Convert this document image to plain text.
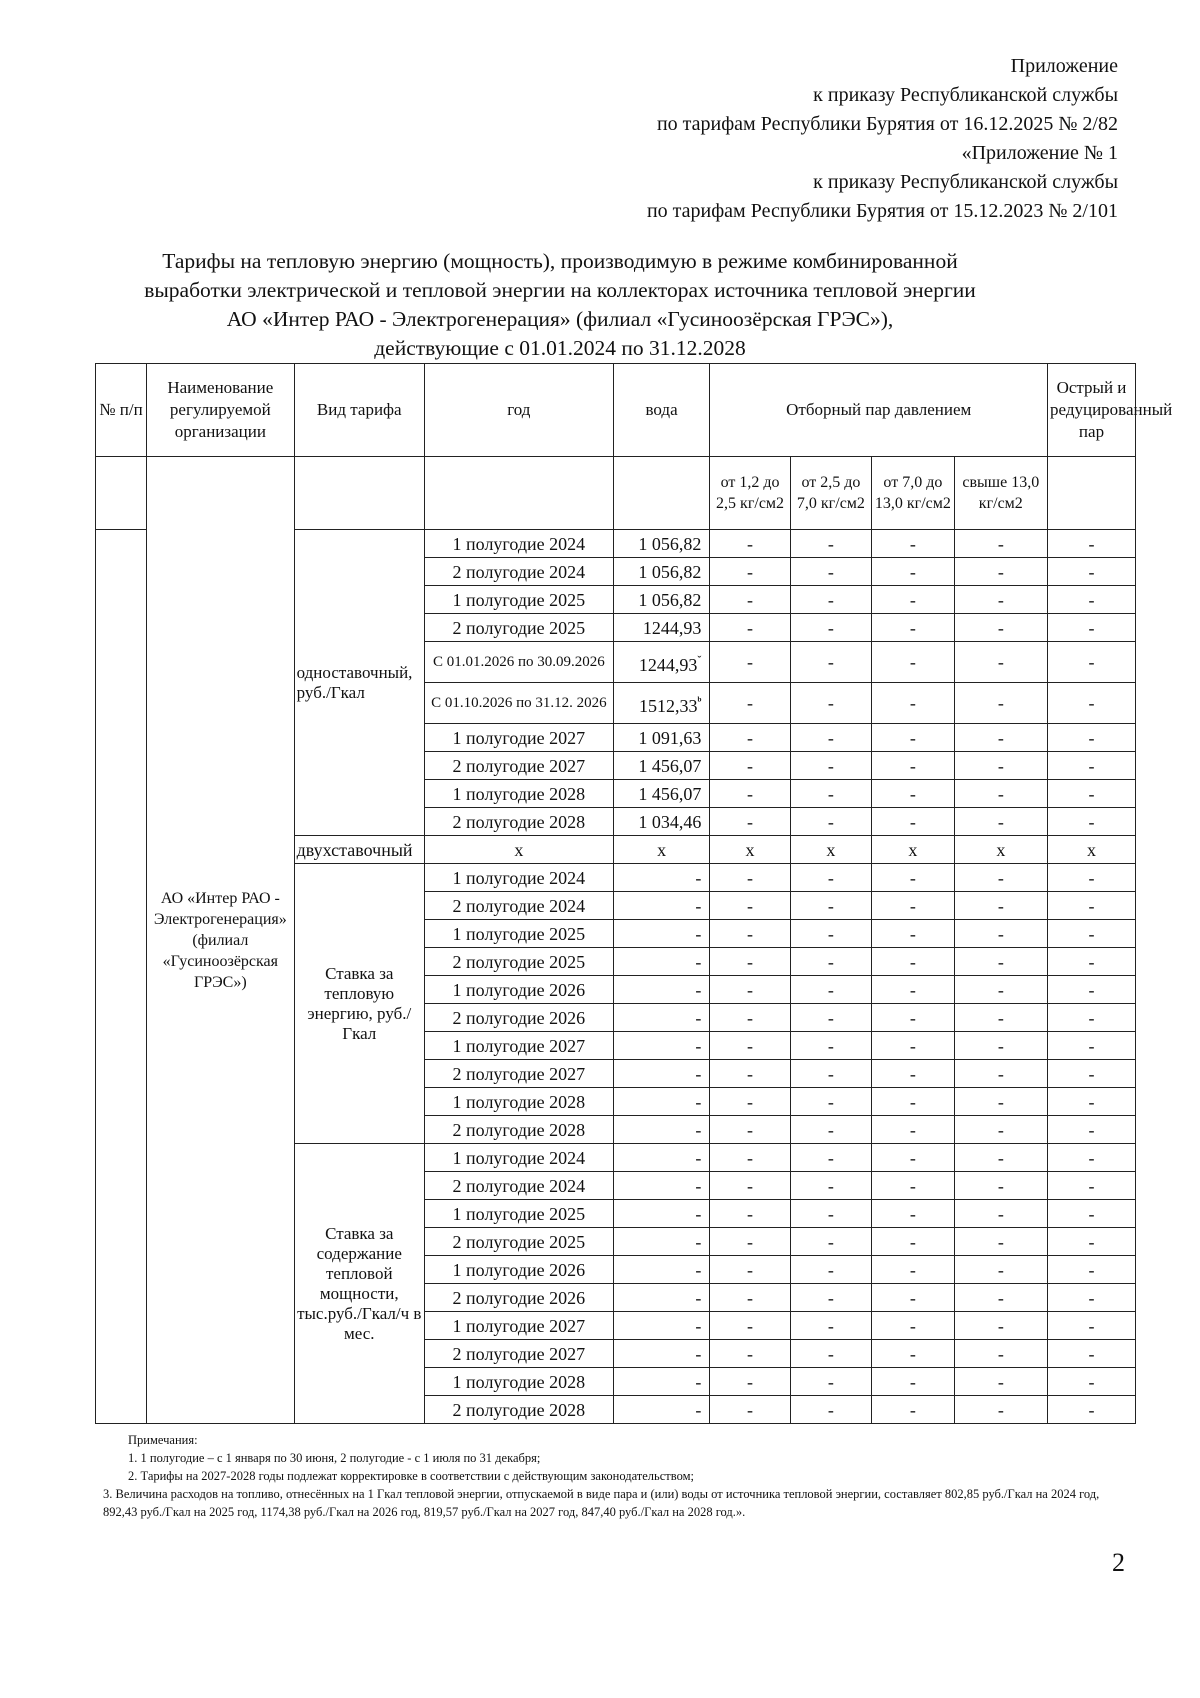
Приложение
к приказу Республиканской службы
по тарифам Республики Бурятия от 16.12.2025 № 2/82
«Приложение № 1
к приказу Республиканской службы
по тарифам Республики Бурятия от 15.12.2023 № 2/101
Тарифы на тепловую энергию (мощность), производимую в режиме комбинированной
выработки электрической и тепловой энергии на коллекторах источника тепловой энергии
АО «Интер РАО - Электрогенерация» (филиал «Гусиноозёрская ГРЭС»),
действующие с 01.01.2024 по 31.12.2028
№ п/п	Наименование регулируемой организации	Вид тарифа	год	вода	Отборный пар давлением				Острый и редуцированный пар
	АО «Интер РАО - Электрогенерация» (филиал «Гусиноозёрская ГРЭС»)				от 1,2 до 2,5 кг/см2	от 2,5 до 7,0 кг/см2	от 7,0 до 13,0 кг/см2	свыше 13,0 кг/см2	
		одноставочный, руб./Гкал	1 полугодие 2024	1 056,82	-	-	-	-	-
			2 полугодие 2024	1 056,82	-	-	-	-	-
			1 полугодие 2025	1 056,82	-	-	-	-	-
			2 полугодие 2025	1244,93	-	-	-	-	-
			С 01.01.2026 по 30.09.2026	$1244,93^ˇ$	-	-	-	-	-
			С 01.10.2026 по 31.12. 2026	$1512,33^ᵇ$	-	-	-	-	-
			1 полугодие 2027	1 091,63	-	-	-	-	-
			2 полугодие 2027	1 456,07	-	-	-	-	-
			1 полугодие 2028	1 456,07	-	-	-	-	-
			2 полугодие 2028	1 034,46	-	-	-	-	-
		двухставочный	х	х	х	х	х	х	х
		Ставка за тепловую энергию, руб./Гкал	1 полугодие 2024	-	-	-	-	-	-
			2 полугодие 2024	-	-	-	-	-	-
			1 полугодие 2025	-	-	-	-	-	-
			2 полугодие 2025	-	-	-	-	-	-
			1 полугодие 2026	-	-	-	-	-	-
			2 полугодие 2026	-	-	-	-	-	-
			1 полугодие 2027	-	-	-	-	-	-
			2 полугодие 2027	-	-	-	-	-	-
			1 полугодие 2028	-	-	-	-	-	-
			2 полугодие 2028	-	-	-	-	-	-
		Ставка за содержание тепловой мощности, тыс.руб./Гкал/ч в мес.	1 полугодие 2024	-	-	-	-	-	-
			2 полугодие 2024	-	-	-	-	-	-
			1 полугодие 2025	-	-	-	-	-	-
			2 полугодие 2025	-	-	-	-	-	-
			1 полугодие 2026	-	-	-	-	-	-
			2 полугодие 2026	-	-	-	-	-	-
			1 полугодие 2027	-	-	-	-	-	-
			2 полугодие 2027	-	-	-	-	-	-
			1 полугодие 2028	-	-	-	-	-	-
			2 полугодие 2028	-	-	-	-	-	-
Примечания:
1. 1 полугодие – с 1 января по 30 июня, 2 полугодие - с 1 июля по 31 декабря;
2. Тарифы на 2027-2028 годы подлежат корректировке в соответствии с действующим законодательством;
3. Величина расходов на топливо, отнесённых на 1 Гкал тепловой энергии, отпускаемой в виде пара и (или) воды от источника тепловой энергии, составляет 802,85 руб./Гкал на 2024 год, 892,43 руб./Гкал на 2025 год, 1174,38 руб./Гкал на 2026 год, 819,57 руб./Гкал на 2027 год, 847,40 руб./Гкал на 2028 год.».
2
